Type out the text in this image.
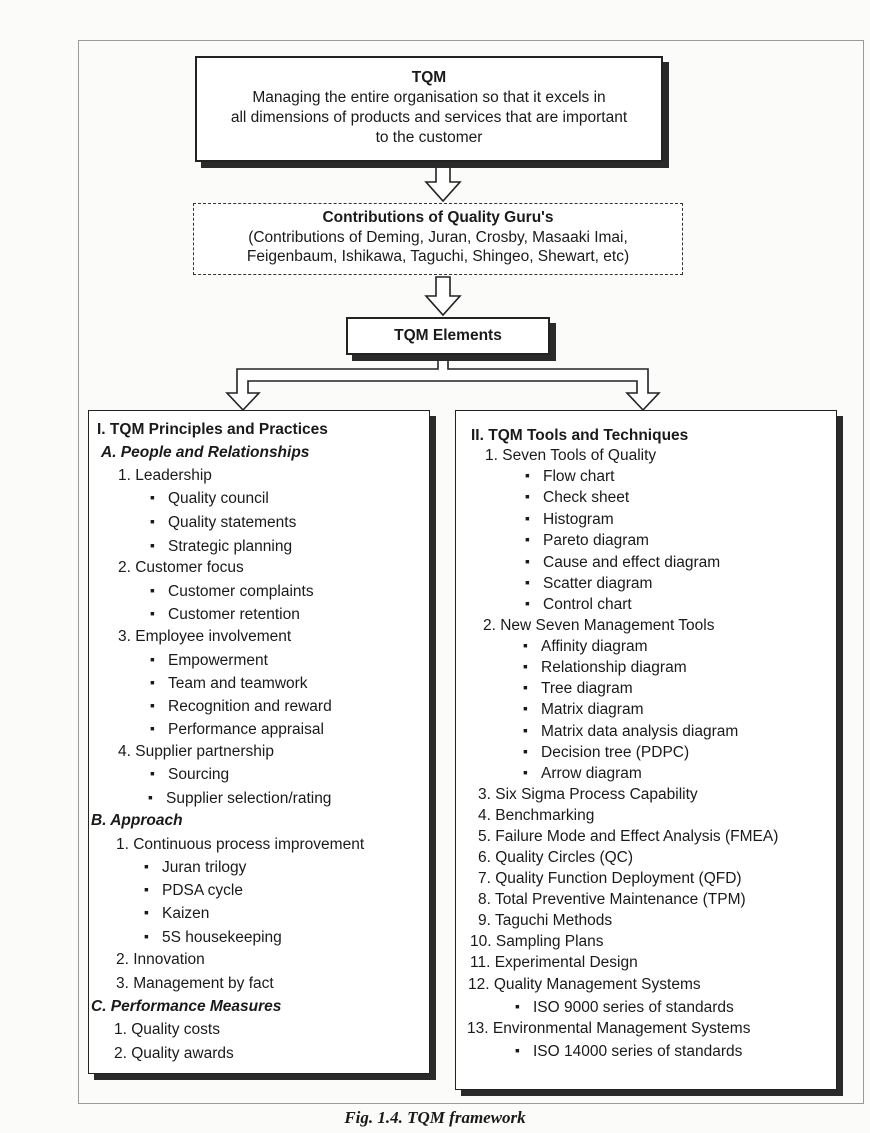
TQM
Managing the entire organisation so that it excels in
all dimensions of products and services that are important
to the customer
Contributions of Quality Guru's
(Contributions of Deming, Juran, Crosby, Masaaki Imai,
Feigenbaum, Ishikawa, Taguchi, Shingeo, Shewart, etc)
TQM Elements
I. TQM Principles and Practices
A. People and Relationships
1. Leadership
▪ Quality council
▪ Quality statements
▪ Strategic planning
2. Customer focus
▪ Customer complaints
▪ Customer retention
3. Employee involvement
▪ Empowerment
▪ Team and teamwork
▪ Recognition and reward
▪ Performance appraisal
4. Supplier partnership
▪ Sourcing
▪ Supplier selection/rating
B. Approach
1. Continuous process improvement
▪ Juran trilogy
▪ PDSA cycle
▪ Kaizen
▪ 5S housekeeping
2. Innovation
3. Management by fact
C. Performance Measures
1. Quality costs
2. Quality awards
II. TQM Tools and Techniques
1. Seven Tools of Quality
▪ Flow chart
▪ Check sheet
▪ Histogram
▪ Pareto diagram
▪ Cause and effect diagram
▪ Scatter diagram
▪ Control chart
2. New Seven Management Tools
▪ Affinity diagram
▪ Relationship diagram
▪ Tree diagram
▪ Matrix diagram
▪ Matrix data analysis diagram
▪ Decision tree (PDPC)
▪ Arrow diagram
3. Six Sigma Process Capability
4. Benchmarking
5. Failure Mode and Effect Analysis (FMEA)
6. Quality Circles (QC)
7. Quality Function Deployment (QFD)
8. Total Preventive Maintenance (TPM)
9. Taguchi Methods
10. Sampling Plans
11. Experimental Design
12. Quality Management Systems
▪ ISO 9000 series of standards
13. Environmental Management Systems
▪ ISO 14000 series of standards
Fig. 1.4. TQM framework
